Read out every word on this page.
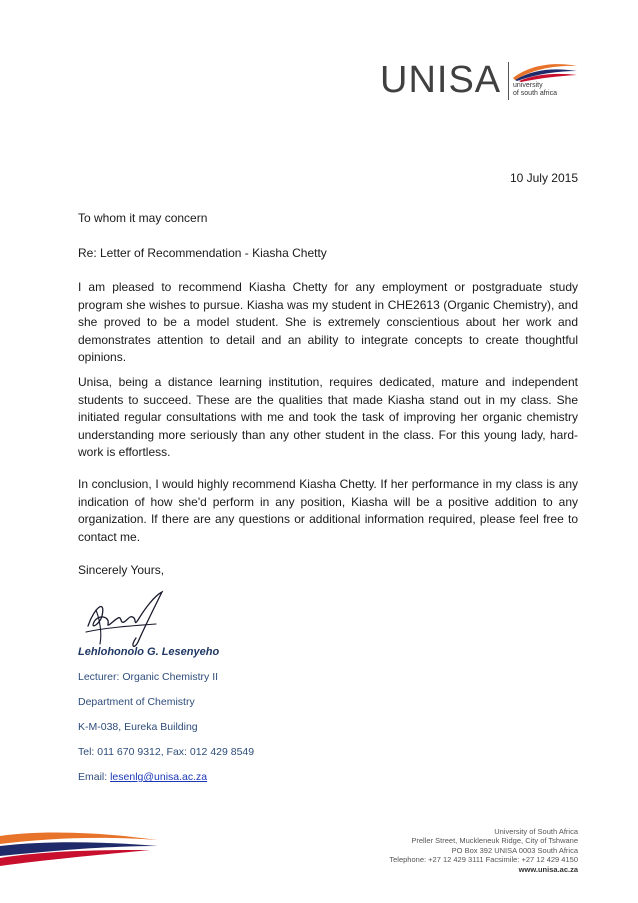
UNISA university
of south africa
10 July 2015
To whom it may concern
Re: Letter of Recommendation - Kiasha Chetty

I am pleased to recommend Kiasha Chetty for any employment or postgraduate study program she wishes to pursue. Kiasha was my student in CHE2613 (Organic Chemistry), and she proved to be a model student. She is extremely conscientious about her work and demonstrates attention to detail and an ability to integrate concepts to create thoughtful opinions.

Unisa, being a distance learning institution, requires dedicated, mature and independent students to succeed. These are the qualities that made Kiasha stand out in my class. She initiated regular consultations with me and took the task of improving her organic chemistry understanding more seriously than any other student in the class. For this young lady, hard-work is effortless.

In conclusion, I would highly recommend Kiasha Chetty. If her performance in my class is any indication of how she'd perform in any position, Kiasha will be a positive addition to any organization. If there are any questions or additional information required, please feel free to contact me.

Sincerely Yours,
Lehlohonolo G. Lesenyeho
Lecturer: Organic Chemistry II
Department of Chemistry
K-M-038, Eureka Building
Tel: 011 670 9312, Fax: 012 429 8549
Email: lesenlg@unisa.ac.za
University of South Africa
Preller Street, Muckleneuk Ridge, City of Tshwane
PO Box 392 UNISA 0003 South Africa
Telephone: +27 12 429 3111 Facsimile: +27 12 429 4150
www.unisa.ac.za
